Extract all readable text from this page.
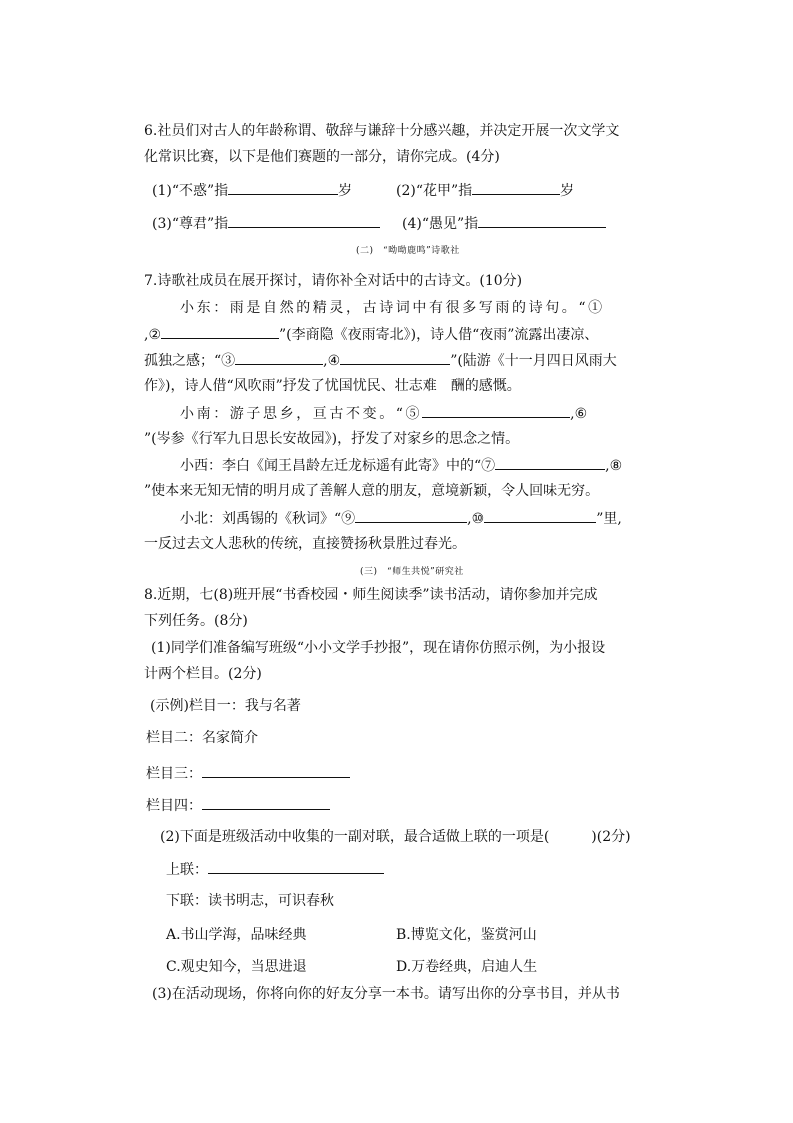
6.社员们对古人的年龄称谓、敬辞与谦辞十分感兴趣，并决定开展一次文学文
化常识比赛，以下是他们赛题的一部分，请你完成。(4分)
(1)“不惑”指	岁	(2)“花甲”指	岁
(3)“尊君”指	(4)“愚见”指
(二)　“呦呦鹿鸣”诗歌社
7.诗歌社成员在展开探讨，请你补全对话中的古诗文。(10分)
小东：雨是自然的精灵，古诗词中有很多写雨的诗句。“①
,②	”(李商隐《夜雨寄北》)，诗人借“夜雨”流露出凄凉、
孤独之感；“③	,④	”(陆游《十一月四日风雨大
作》)，诗人借“风吹雨”抒发了忧国忧民、壮志难　酬的感慨。
小南：游子思乡，亘古不变。“⑤	,⑥
”(岑参《行军九日思长安故园》)，抒发了对家乡的思念之情。
小西：李白《闻王昌龄左迁龙标遥有此寄》中的“⑦	,⑧
”使本来无知无情的明月成了善解人意的朋友，意境新颖，令人回味无穷。
小北：刘禹锡的《秋词》“⑨	,⑩	”里,
一反过去文人悲秋的传统，直接赞扬秋景胜过春光。
(三)　“师生共悦”研究社
8.近期，七(8)班开展“书香校园・师生阅读季”读书活动，请你参加并完成
下列任务。(8分)
(1)同学们准备编写班级“小小文学手抄报”，现在请你仿照示例，为小报设
计两个栏目。(2分)
(示例)栏目一：我与名著
栏目二：名家简介
栏目三：
栏目四：
(2)下面是班级活动中收集的一副对联，最合适做上联的一项是(	)(2分)
上联：
下联：读书明志，可识春秋
A.书山学海，品味经典	B.博览文化，鉴赏河山
C.观史知今，当思进退	D.万卷经典，启迪人生
(3)在活动现场，你将向你的好友分享一本书。请写出你的分享书目，并从书
